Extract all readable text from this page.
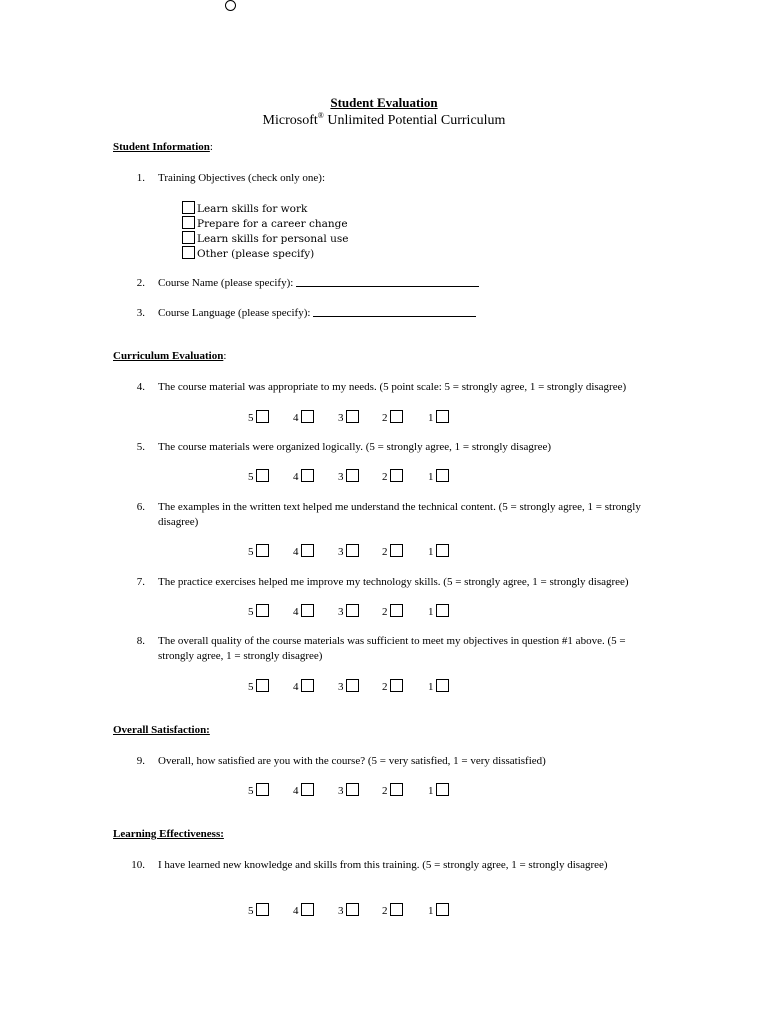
Student Evaluation
Microsoft® Unlimited Potential Curriculum
Student Information:
1. Training Objectives (check only one):
Learn skills for work
Prepare for a career change
Learn skills for personal use
Other (please specify)
2. Course Name (please specify):
3. Course Language (please specify):
Curriculum Evaluation:
4. The course material was appropriate to my needs. (5 point scale: 5 = strongly agree, 1 = strongly disagree)
5	4	3	2	1
5. The course materials were organized logically. (5 = strongly agree, 1 = strongly disagree)
5	4	3	2	1
6. The examples in the written text helped me understand the technical content. (5 = strongly agree, 1 = strongly disagree)
5	4	3	2	1
7. The practice exercises helped me improve my technology skills. (5 = strongly agree, 1 = strongly disagree)
5	4	3	2	1
8. The overall quality of the course materials was sufficient to meet my objectives in question #1 above. (5 = strongly agree, 1 = strongly disagree)
5	4	3	2	1
Overall Satisfaction:
9. Overall, how satisfied are you with the course? (5 = very satisfied, 1 = very dissatisfied)
5	4	3	2	1
Learning Effectiveness:
10. I have learned new knowledge and skills from this training. (5 = strongly agree, 1 = strongly disagree)
5	4	3	2	1
